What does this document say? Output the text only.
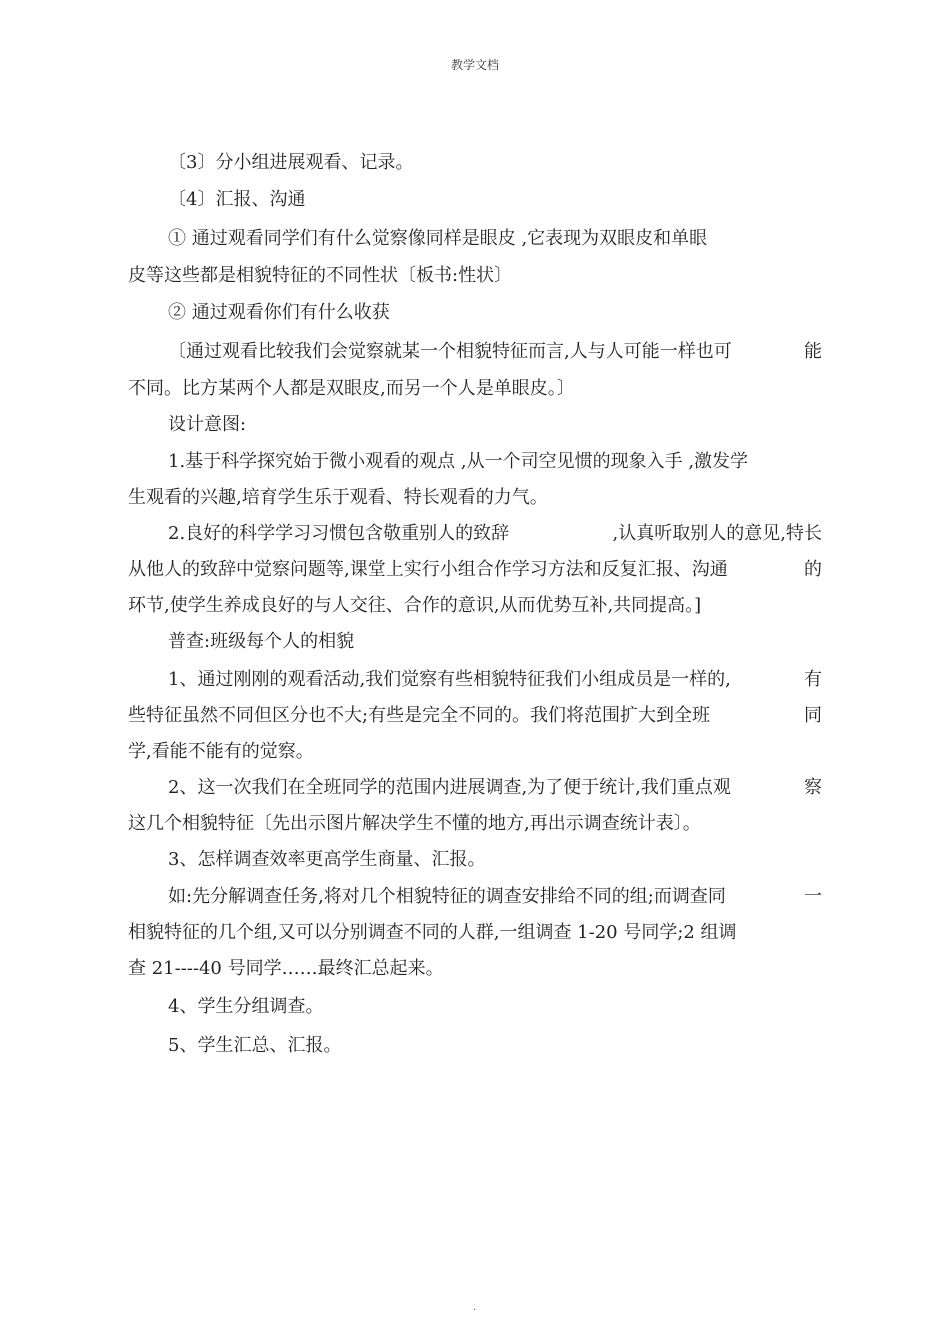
教学文档
〔3〕分小组进展观看、记录。
〔4〕汇报、沟通
① 通过观看同学们有什么觉察像同样是眼皮 ,它表现为双眼皮和单眼
皮等这些都是相貌特征的不同性状〔板书:性状〕
② 通过观看你们有什么收获
〔通过观看比较我们会觉察就某一个相貌特征而言,人与人可能一样也可	能
不同。比方某两个人都是双眼皮,而另一个人是单眼皮。〕
设计意图:
1.基于科学探究始于微小观看的观点 ,从一个司空见惯的现象入手 ,激发学
生观看的兴趣,培育学生乐于观看、特长观看的力气。
2.良好的科学学习习惯包含敬重别人的致辞	,认真听取别人的意见,特长
从他人的致辞中觉察问题等,课堂上实行小组合作学习方法和反复汇报、沟通	的
环节,使学生养成良好的与人交往、合作的意识,从而优势互补,共同提高。]
普查:班级每个人的相貌
1、通过刚刚的观看活动,我们觉察有些相貌特征我们小组成员是一样的,	有
些特征虽然不同但区分也不大;有些是完全不同的。我们将范围扩大到全班	同
学,看能不能有的觉察。
2、这一次我们在全班同学的范围内进展调查,为了便于统计,我们重点观	察
这几个相貌特征〔先出示图片解决学生不懂的地方,再出示调查统计表〕。
3、怎样调查效率更高学生商量、汇报。
如:先分解调查任务,将对几个相貌特征的调查安排给不同的组;而调查同	一
相貌特征的几个组,又可以分别调查不同的人群,一组调查 1-20 号同学;2 组调
查 21----40 号同学……最终汇总起来。
4、学生分组调查。
5、学生汇总、汇报。
.
